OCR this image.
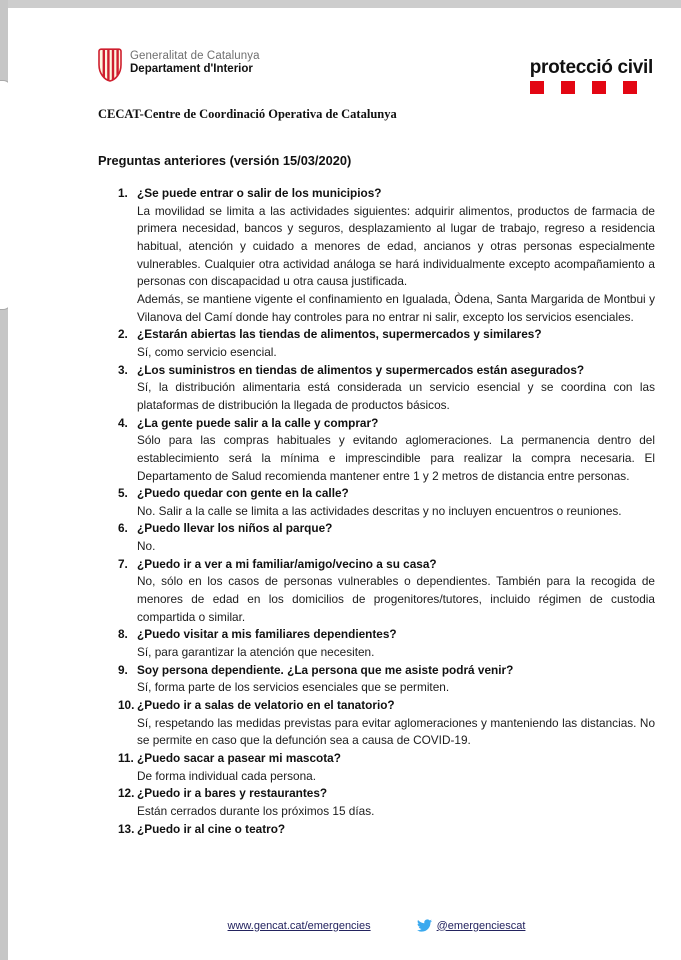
Generalitat de Catalunya
Departament d'Interior	protecció civil
CECAT-Centre de Coordinació Operativa de Catalunya
Preguntas anteriores (versión 15/03/2020)
1. ¿Se puede entrar o salir de los municipios?

La movilidad se limita a las actividades siguientes: adquirir alimentos, productos de farmacia de primera necesidad, bancos y seguros, desplazamiento al lugar de trabajo, regreso a residencia habitual, atención y cuidado a menores de edad, ancianos y otras personas especialmente vulnerables. Cualquier otra actividad análoga se hará individualmente excepto acompañamiento a personas con discapacidad u otra causa justificada.

Además, se mantiene vigente el confinamiento en Igualada, Òdena, Santa Margarida de Montbui y Vilanova del Camí donde hay controles para no entrar ni salir, excepto los servicios esenciales.

2. ¿Estarán abiertas las tiendas de alimentos, supermercados y similares?

Sí, como servicio esencial.

3. ¿Los suministros en tiendas de alimentos y supermercados están asegurados?

Sí, la distribución alimentaria está considerada un servicio esencial y se coordina con las plataformas de distribución la llegada de productos básicos.

4. ¿La gente puede salir a la calle y comprar?

Sólo para las compras habituales y evitando aglomeraciones. La permanencia dentro del establecimiento será la mínima e imprescindible para realizar la compra necesaria. El Departamento de Salud recomienda mantener entre 1 y 2 metros de distancia entre personas.

5. ¿Puedo quedar con gente en la calle?

No. Salir a la calle se limita a las actividades descritas y no incluyen encuentros o reuniones.

6. ¿Puedo llevar los niños al parque?

No.

7. ¿Puedo ir a ver a mi familiar/amigo/vecino a su casa?

No, sólo en los casos de personas vulnerables o dependientes. También para la recogida de menores de edad en los domicilios de progenitores/tutores, incluido régimen de custodia compartida o similar.

8. ¿Puedo visitar a mis familiares dependientes?

Sí, para garantizar la atención que necesiten.

9. Soy persona dependiente. ¿La persona que me asiste podrá venir?

Sí, forma parte de los servicios esenciales que se permiten.

10. ¿Puedo ir a salas de velatorio en el tanatorio?

Sí, respetando las medidas previstas para evitar aglomeraciones y manteniendo las distancias. No se permite en caso que la defunción sea a causa de COVID-19.

11. ¿Puedo sacar a pasear mi mascota?

De forma individual cada persona.

12. ¿Puedo ir a bares y restaurantes?

Están cerrados durante los próximos 15 días.

13. ¿Puedo ir al cine o teatro?
www.gencat.cat/emergencies	@emergenciescat
